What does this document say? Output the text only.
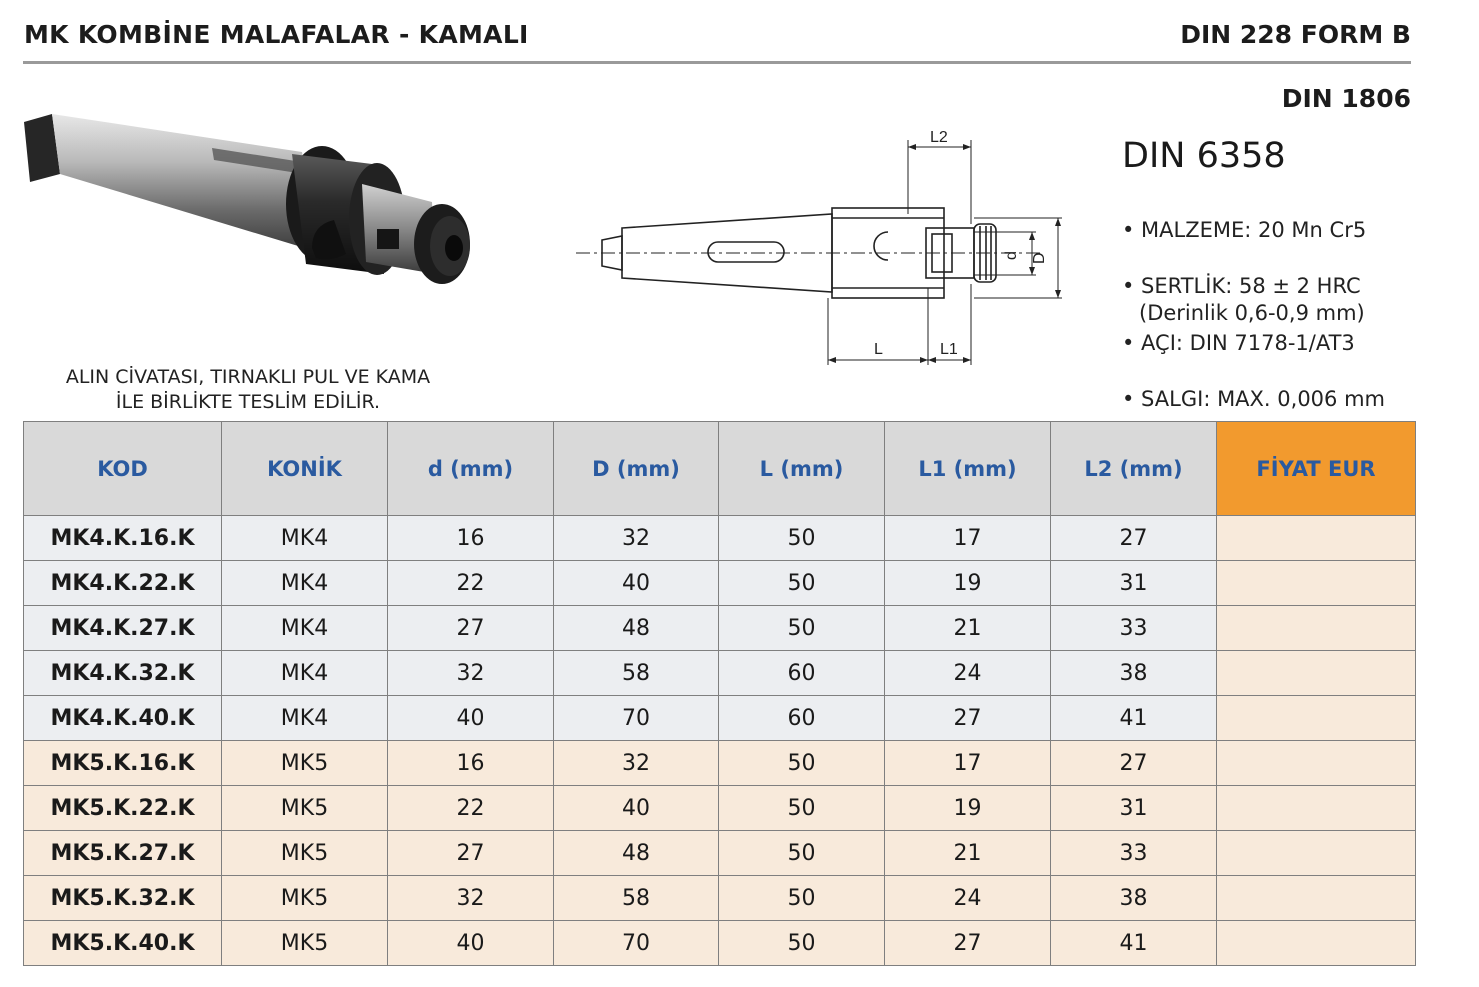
MK KOMBİNE MALAFALAR - KAMALI	DIN 228 FORM B
DIN 1806
ALIN CİVATASI, TIRNAKLI PUL VE KAMA
İLE BİRLİKTE TESLİM EDİLİR.
L2
d D
L	L1
DIN 6358
• MALZEME: 20 Mn Cr5
• SERTLİK: 58 ± 2 HRC
(Derinlik 0,6-0,9 mm)
• AÇI: DIN 7178-1/AT3
• SALGI: MAX. 0,006 mm
KOD	KONİK	d (mm)	D (mm)	L (mm)	L1 (mm)	L2 (mm)	FİYAT EUR
MK4.K.16.K	MK4	16	32	50	17	27	
MK4.K.22.K	MK4	22	40	50	19	31	
MK4.K.27.K	MK4	27	48	50	21	33	
MK4.K.32.K	MK4	32	58	60	24	38	
MK4.K.40.K	MK4	40	70	60	27	41	
MK5.K.16.K	MK5	16	32	50	17	27	
MK5.K.22.K	MK5	22	40	50	19	31	
MK5.K.27.K	MK5	27	48	50	21	33	
MK5.K.32.K	MK5	32	58	50	24	38	
MK5.K.40.K	MK5	40	70	50	27	41	
